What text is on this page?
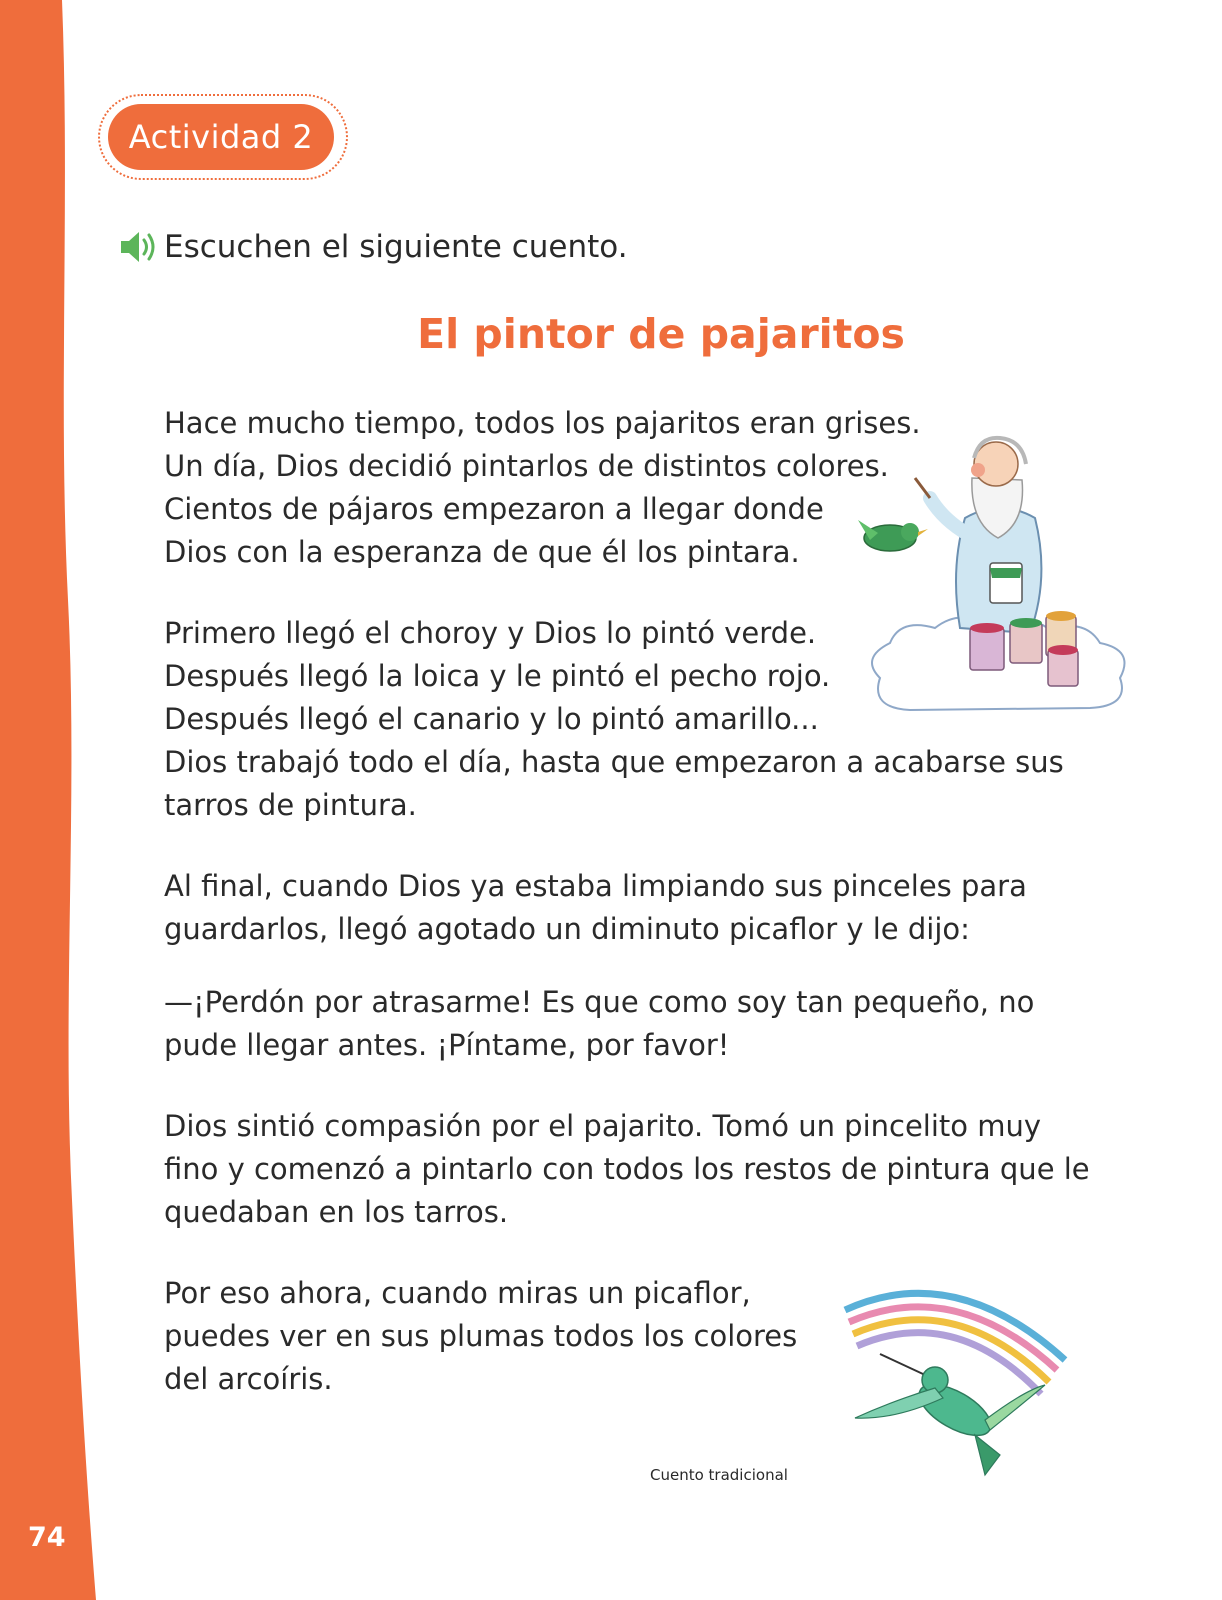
74
Actividad 2
Escuchen el siguiente cuento.
El pintor de pajaritos

Hace mucho tiempo, todos los pajaritos eran grises.
Un día, Dios decidió pintarlos de distintos colores.
Cientos de pájaros empezaron a llegar donde
Dios con la esperanza de que él los pintara.

Primero llegó el choroy y Dios lo pintó verde.
Después llegó la loica y le pintó el pecho rojo.
Después llegó el canario y lo pintó amarillo...
Dios trabajó todo el día, hasta que empezaron a acabarse sus
tarros de pintura.

Al final, cuando Dios ya estaba limpiando sus pinceles para
guardarlos, llegó agotado un diminuto picaflor y le dijo:

—¡Perdón por atrasarme! Es que como soy tan pequeño, no
pude llegar antes. ¡Píntame, por favor!

Dios sintió compasión por el pajarito. Tomó un pincelito muy
fino y comenzó a pintarlo con todos los restos de pintura que le
quedaban en los tarros.

Por eso ahora, cuando miras un picaflor,
puedes ver en sus plumas todos los colores
del arcoíris.

Cuento tradicional
